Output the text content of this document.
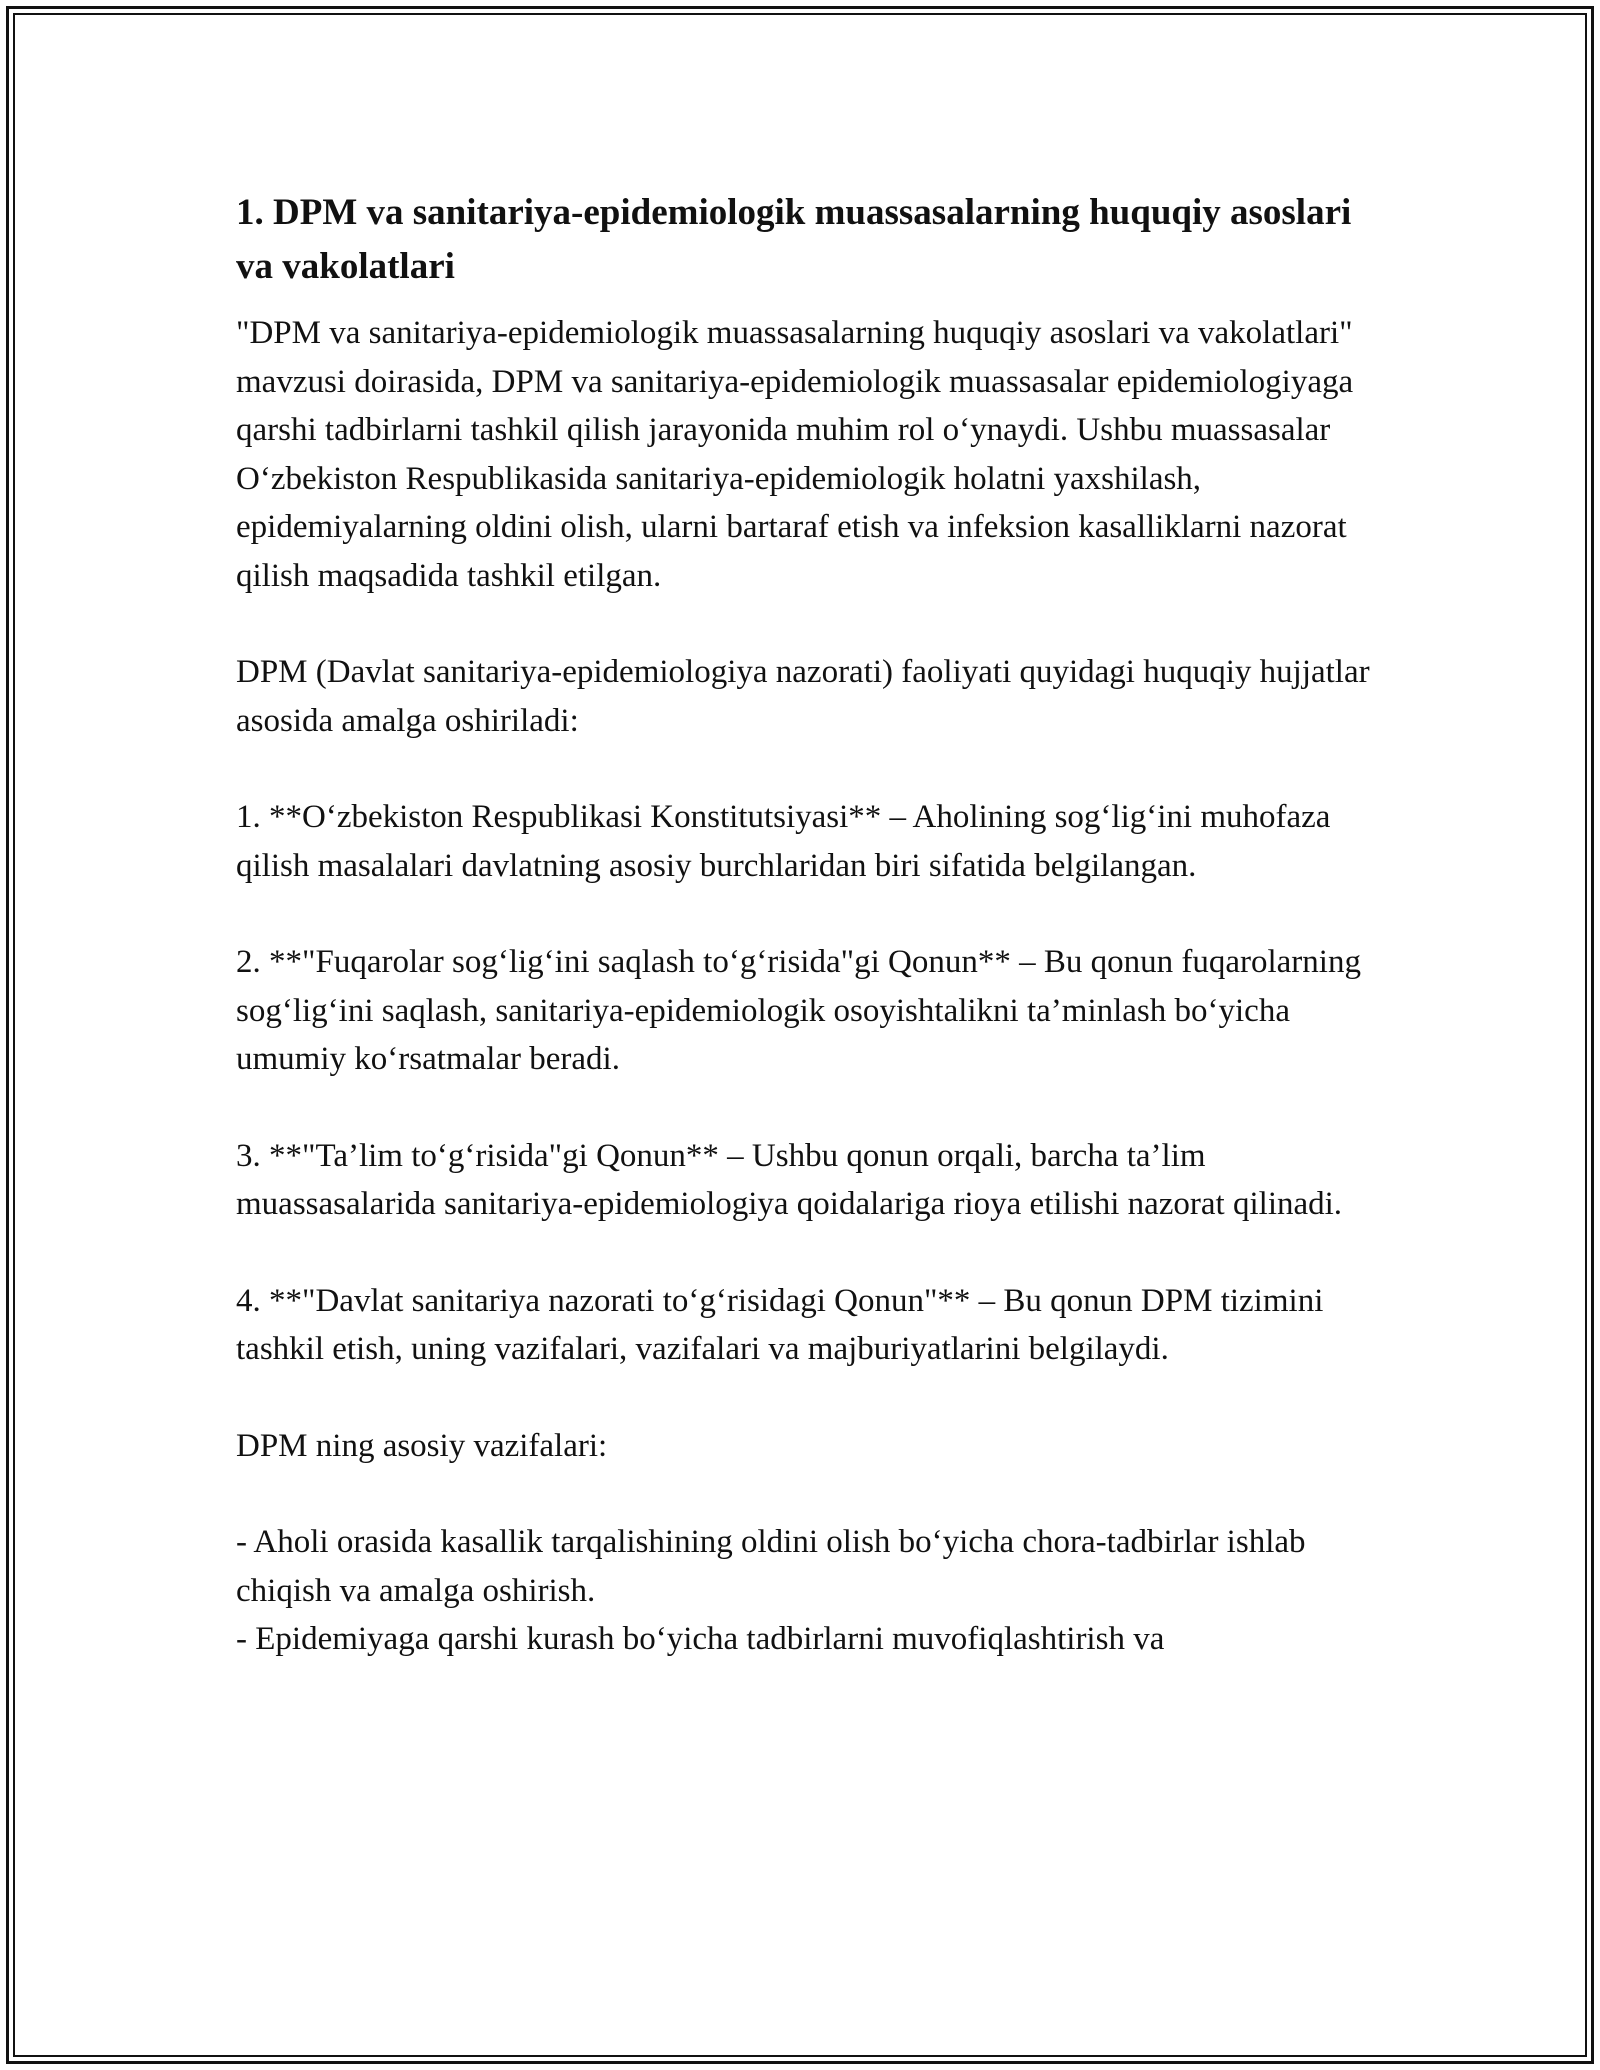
1. DPM va sanitariya-epidemiologik muassasalarning huquqiy asoslari va vakolatlari

"DPM va sanitariya-epidemiologik muassasalarning huquqiy asoslari va vakolatlari" mavzusi doirasida, DPM va sanitariya-epidemiologik muassasalar epidemiologiyaga qarshi tadbirlarni tashkil qilish jarayonida muhim rol o‘ynaydi. Ushbu muassasalar O‘zbekiston Respublikasida sanitariya-epidemiologik holatni yaxshilash, epidemiyalarning oldini olish, ularni bartaraf etish va infeksion kasalliklarni nazorat qilish maqsadida tashkil etilgan.

DPM (Davlat sanitariya-epidemiologiya nazorati) faoliyati quyidagi huquqiy hujjatlar asosida amalga oshiriladi:

1. **O‘zbekiston Respublikasi Konstitutsiyasi** – Aholining sog‘lig‘ini muhofaza qilish masalalari davlatning asosiy burchlaridan biri sifatida belgilangan.

2. **"Fuqarolar sog‘lig‘ini saqlash to‘g‘risida"gi Qonun** – Bu qonun fuqarolarning sog‘lig‘ini saqlash, sanitariya-epidemiologik osoyishtalikni ta’minlash bo‘yicha umumiy ko‘rsatmalar beradi.

3. **"Ta’lim to‘g‘risida"gi Qonun** – Ushbu qonun orqali, barcha ta’lim muassasalarida sanitariya-epidemiologiya qoidalariga rioya etilishi nazorat qilinadi.

4. **"Davlat sanitariya nazorati to‘g‘risidagi Qonun"** – Bu qonun DPM tizimini tashkil etish, uning vazifalari, vazifalari va majburiyatlarini belgilaydi.

DPM ning asosiy vazifalari:

- Aholi orasida kasallik tarqalishining oldini olish bo‘yicha chora-tadbirlar ishlab chiqish va amalga oshirish.

- Epidemiyaga qarshi kurash bo‘yicha tadbirlarni muvofiqlashtirish va
